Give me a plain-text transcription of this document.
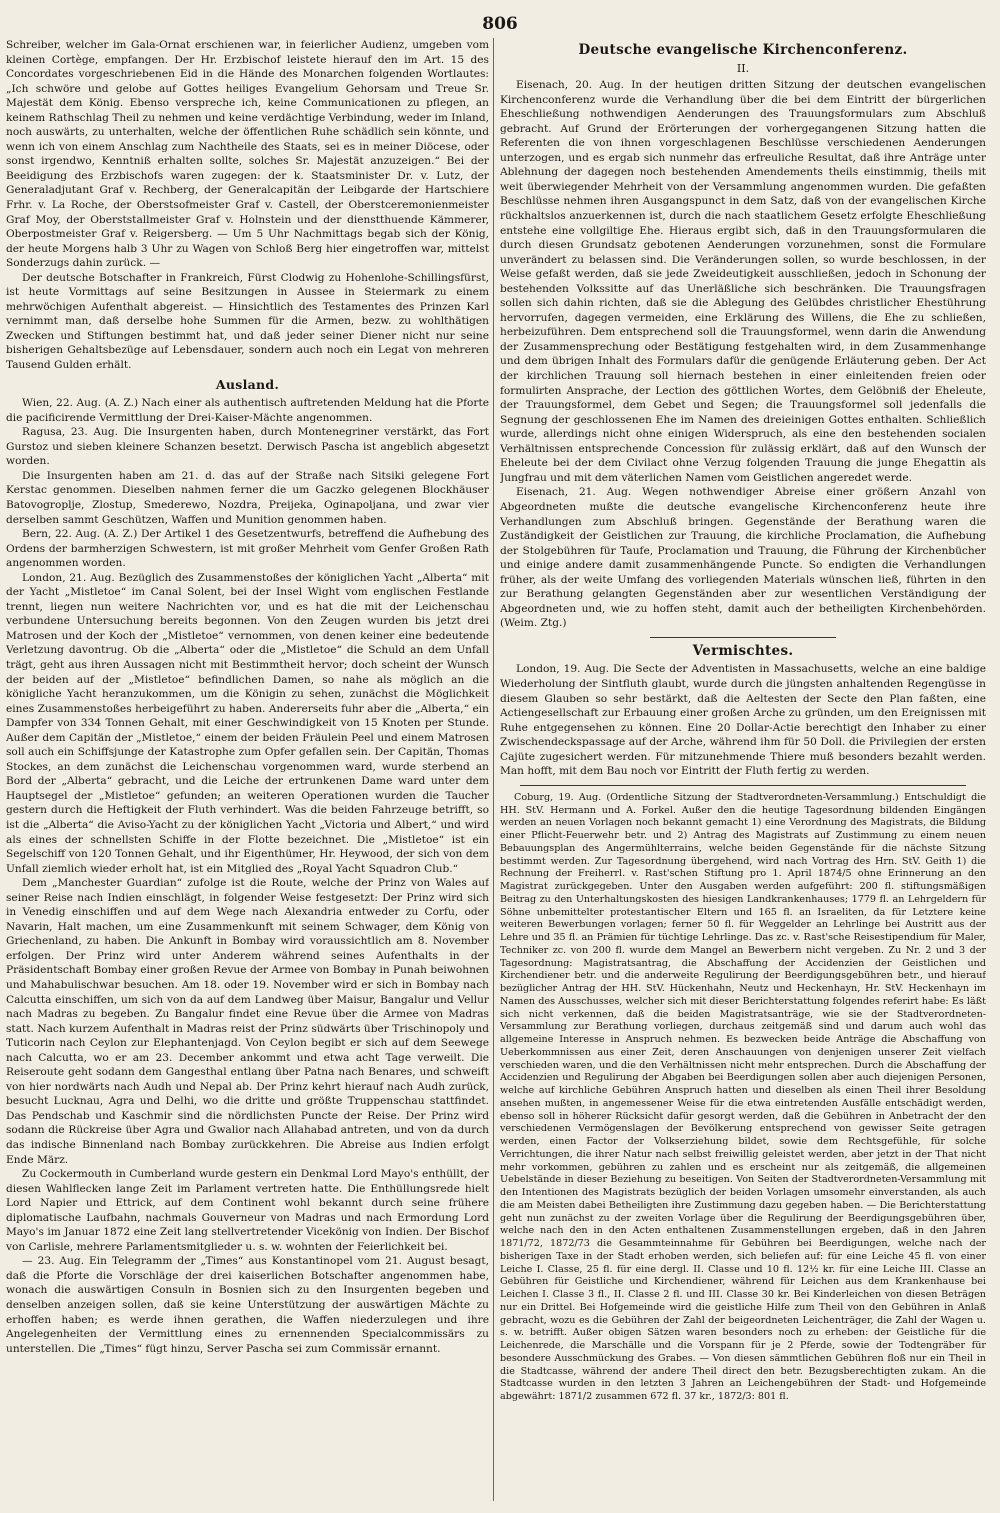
806

Schreiber, welcher im Gala-Ornat erschienen war, in feierlicher Audienz, umgeben vom kleinen Cortège, empfangen. Der Hr. Erzbischof leistete hierauf den im Art. 15 des Concordates vorgeschriebenen Eid in die Hände des Monarchen folgenden Wortlautes: „Ich schwöre und gelobe auf Gottes heiliges Evangelium Gehorsam und Treue Sr. Majestät dem König. Ebenso verspreche ich, keine Communicationen zu pflegen, an keinem Rathschlag Theil zu nehmen und keine verdächtige Verbindung, weder im Inland, noch auswärts, zu unterhalten, welche der öffentlichen Ruhe schädlich sein könnte, und wenn ich von einem Anschlag zum Nachtheile des Staats, sei es in meiner Diöcese, oder sonst irgendwo, Kenntniß erhalten sollte, solches Sr. Majestät anzuzeigen.“ Bei der Beeidigung des Erzbischofs waren zugegen: der k. Staatsminister Dr. v. Lutz, der Generaladjutant Graf v. Rechberg, der Generalcapitän der Leibgarde der Hartschiere Frhr. v. La Roche, der Oberstsofmeister Graf v. Castell, der Oberstceremonienmeister Graf Moy, der Oberststallmeister Graf v. Holnstein und der dienstthuende Kämmerer, Oberpostmeister Graf v. Reigersberg. — Um 5 Uhr Nachmittags begab sich der König, der heute Morgens halb 3 Uhr zu Wagen von Schloß Berg hier eingetroffen war, mittelst Sonderzugs dahin zurück. —

Der deutsche Botschafter in Frankreich, Fürst Clodwig zu Hohenlohe-Schillingsfürst, ist heute Vormittags auf seine Besitzungen in Aussee in Steiermark zu einem mehrwöchigen Aufenthalt abgereist. — Hinsichtlich des Testamentes des Prinzen Karl vernimmt man, daß derselbe hohe Summen für die Armen, bezw. zu wohlthätigen Zwecken und Stiftungen bestimmt hat, und daß jeder seiner Diener nicht nur seine bisherigen Gehaltsbezüge auf Lebensdauer, sondern auch noch ein Legat von mehreren Tausend Gulden erhält.

Ausland.

Wien, 22. Aug. (A. Z.) Nach einer als authentisch auftretenden Meldung hat die Pforte die pacificirende Vermittlung der Drei-Kaiser-Mächte angenommen.

Ragusa, 23. Aug. Die Insurgenten haben, durch Montenegriner verstärkt, das Fort Gurstoz und sieben kleinere Schanzen besetzt. Derwisch Pascha ist angeblich abgesetzt worden.

Die Insurgenten haben am 21. d. das auf der Straße nach Sitsiki gelegene Fort Kerstac genommen. Dieselben nahmen ferner die um Gaczko gelegenen Blockhäuser Batovogroplje, Zlostup, Smederewo, Nozdra, Preijeka, Oginapoljana, und zwar vier derselben sammt Geschützen, Waffen und Munition genommen haben.

Bern, 22. Aug. (A. Z.) Der Artikel 1 des Gesetzentwurfs, betreffend die Aufhebung des Ordens der barmherzigen Schwestern, ist mit großer Mehrheit vom Genfer Großen Rath angenommen worden.

London, 21. Aug. Bezüglich des Zusammenstoßes der königlichen Yacht „Alberta“ mit der Yacht „Mistletoe“ im Canal Solent, bei der Insel Wight vom englischen Festlande trennt, liegen nun weitere Nachrichten vor, und es hat die mit der Leichenschau verbundene Untersuchung bereits begonnen. Von den Zeugen wurden bis jetzt drei Matrosen und der Koch der „Mistletoe“ vernommen, von denen keiner eine bedeutende Verletzung davontrug. Ob die „Alberta“ oder die „Mistletoe“ die Schuld an dem Unfall trägt, geht aus ihren Aussagen nicht mit Bestimmtheit hervor; doch scheint der Wunsch der beiden auf der „Mistletoe“ befindlichen Damen, so nahe als möglich an die königliche Yacht heranzukommen, um die Königin zu sehen, zunächst die Möglichkeit eines Zusammenstoßes herbeigeführt zu haben. Andererseits fuhr aber die „Alberta,“ ein Dampfer von 334 Tonnen Gehalt, mit einer Geschwindigkeit von 15 Knoten per Stunde. Außer dem Capitän der „Mistletoe,“ einem der beiden Fräulein Peel und einem Matrosen soll auch ein Schiffsjunge der Katastrophe zum Opfer gefallen sein. Der Capitän, Thomas Stockes, an dem zunächst die Leichenschau vorgenommen ward, wurde sterbend an Bord der „Alberta“ gebracht, und die Leiche der ertrunkenen Dame ward unter dem Hauptsegel der „Mistletoe“ gefunden; an weiteren Operationen wurden die Taucher gestern durch die Heftigkeit der Fluth verhindert. Was die beiden Fahrzeuge betrifft, so ist die „Alberta“ die Aviso-Yacht zu der königlichen Yacht „Victoria und Albert,“ und wird als eines der schnellsten Schiffe in der Flotte bezeichnet. Die „Mistletoe“ ist ein Segelschiff von 120 Tonnen Gehalt, und ihr Eigenthümer, Hr. Heywood, der sich von dem Unfall ziemlich wieder erholt hat, ist ein Mitglied des „Royal Yacht Squadron Club.“

Dem „Manchester Guardian“ zufolge ist die Route, welche der Prinz von Wales auf seiner Reise nach Indien einschlägt, in folgender Weise festgesetzt: Der Prinz wird sich in Venedig einschiffen und auf dem Wege nach Alexandria entweder zu Corfu, oder Navarin, Halt machen, um eine Zusammenkunft mit seinem Schwager, dem König von Griechenland, zu haben. Die Ankunft in Bombay wird voraussichtlich am 8. November erfolgen. Der Prinz wird unter Anderem während seines Aufenthalts in der Präsidentschaft Bombay einer großen Revue der Armee von Bombay in Punah beiwohnen und Mahabulischwar besuchen. Am 18. oder 19. November wird er sich in Bombay nach Calcutta einschiffen, um sich von da auf dem Landweg über Maisur, Bangalur und Vellur nach Madras zu begeben. Zu Bangalur findet eine Revue über die Armee von Madras statt. Nach kurzem Aufenthalt in Madras reist der Prinz südwärts über Trischinopoly und Tuticorin nach Ceylon zur Elephantenjagd. Von Ceylon begibt er sich auf dem Seewege nach Calcutta, wo er am 23. December ankommt und etwa acht Tage verweilt. Die Reiseroute geht sodann dem Gangesthal entlang über Patna nach Benares, und schweift von hier nordwärts nach Audh und Nepal ab. Der Prinz kehrt hierauf nach Audh zurück, besucht Lucknau, Agra und Delhi, wo die dritte und größte Truppenschau stattfindet. Das Pendschab und Kaschmir sind die nördlichsten Puncte der Reise. Der Prinz wird sodann die Rückreise über Agra und Gwalior nach Allahabad antreten, und von da durch das indische Binnenland nach Bombay zurückkehren. Die Abreise aus Indien erfolgt Ende März.

Zu Cockermouth in Cumberland wurde gestern ein Denkmal Lord Mayo's enthüllt, der diesen Wahlflecken lange Zeit im Parlament vertreten hatte. Die Enthüllungsrede hielt Lord Napier und Ettrick, auf dem Continent wohl bekannt durch seine frühere diplomatische Laufbahn, nachmals Gouverneur von Madras und nach Ermordung Lord Mayo's im Januar 1872 eine Zeit lang stellvertretender Vicekönig von Indien. Der Bischof von Carlisle, mehrere Parlamentsmitglieder u. s. w. wohnten der Feierlichkeit bei.

— 23. Aug. Ein Telegramm der „Times“ aus Konstantinopel vom 21. August besagt, daß die Pforte die Vorschläge der drei kaiserlichen Botschafter angenommen habe, wonach die auswärtigen Consuln in Bosnien sich zu den Insurgenten begeben und denselben anzeigen sollen, daß sie keine Unterstützung der auswärtigen Mächte zu erhoffen haben; es werde ihnen gerathen, die Waffen niederzulegen und ihre Angelegenheiten der Vermittlung eines zu ernennenden Specialcommissärs zu unterstellen. Die „Times“ fügt hinzu, Server Pascha sei zum Commissär ernannt.

Deutsche evangelische Kirchenconferenz.
II.

Eisenach, 20. Aug. In der heutigen dritten Sitzung der deutschen evangelischen Kirchenconferenz wurde die Verhandlung über die bei dem Eintritt der bürgerlichen Eheschließung nothwendigen Aenderungen des Trauungsformulars zum Abschluß gebracht. Auf Grund der Erörterungen der vorhergegangenen Sitzung hatten die Referenten die von ihnen vorgeschlagenen Beschlüsse verschiedenen Aenderungen unterzogen, und es ergab sich nunmehr das erfreuliche Resultat, daß ihre Anträge unter Ablehnung der dagegen noch bestehenden Amendements theils einstimmig, theils mit weit überwiegender Mehrheit von der Versammlung angenommen wurden. Die gefaßten Beschlüsse nehmen ihren Ausgangspunct in dem Satz, daß von der evangelischen Kirche rückhaltslos anzuerkennen ist, durch die nach staatlichem Gesetz erfolgte Eheschließung entstehe eine vollgiltige Ehe. Hieraus ergibt sich, daß in den Trauungsformularen die durch diesen Grundsatz gebotenen Aenderungen vorzunehmen, sonst die Formulare unverändert zu belassen sind. Die Veränderungen sollen, so wurde beschlossen, in der Weise gefaßt werden, daß sie jede Zweideutigkeit ausschließen, jedoch in Schonung der bestehenden Volkssitte auf das Unerläßliche sich beschränken. Die Trauungsfragen sollen sich dahin richten, daß sie die Ablegung des Gelübdes christlicher Ehestührung hervorrufen, dagegen vermeiden, eine Erklärung des Willens, die Ehe zu schließen, herbeizuführen. Dem entsprechend soll die Trauungsformel, wenn darin die Anwendung der Zusammensprechung oder Bestätigung festgehalten wird, in dem Zusammenhange und dem übrigen Inhalt des Formulars dafür die genügende Erläuterung geben. Der Act der kirchlichen Trauung soll hiernach bestehen in einer einleitenden freien oder formulirten Ansprache, der Lection des göttlichen Wortes, dem Gelöbniß der Eheleute, der Trauungsformel, dem Gebet und Segen; die Trauungsformel soll jedenfalls die Segnung der geschlossenen Ehe im Namen des dreieinigen Gottes enthalten. Schließlich wurde, allerdings nicht ohne einigen Widerspruch, als eine den bestehenden socialen Verhältnissen entsprechende Concession für zulässig erklärt, daß auf den Wunsch der Eheleute bei der dem Civilact ohne Verzug folgenden Trauung die junge Ehegattin als Jungfrau und mit dem väterlichen Namen vom Geistlichen angeredet werde.

Eisenach, 21. Aug. Wegen nothwendiger Abreise einer größern Anzahl von Abgeordneten mußte die deutsche evangelische Kirchenconferenz heute ihre Verhandlungen zum Abschluß bringen. Gegenstände der Berathung waren die Zuständigkeit der Geistlichen zur Trauung, die kirchliche Proclamation, die Aufhebung der Stolgebühren für Taufe, Proclamation und Trauung, die Führung der Kirchenbücher und einige andere damit zusammenhängende Puncte. So endigten die Verhandlungen früher, als der weite Umfang des vorliegenden Materials wünschen ließ, führten in den zur Berathung gelangten Gegenständen aber zur wesentlichen Verständigung der Abgeordneten und, wie zu hoffen steht, damit auch der betheiligten Kirchenbehörden. (Weim. Ztg.)

Vermischtes.

London, 19. Aug. Die Secte der Adventisten in Massachusetts, welche an eine baldige Wiederholung der Sintfluth glaubt, wurde durch die jüngsten anhaltenden Regengüsse in diesem Glauben so sehr bestärkt, daß die Aeltesten der Secte den Plan faßten, eine Actiengesellschaft zur Erbauung einer großen Arche zu gründen, um den Ereignissen mit Ruhe entgegensehen zu können. Eine 20 Dollar-Actie berechtigt den Inhaber zu einer Zwischendeckspassage auf der Arche, während ihm für 50 Doll. die Privilegien der ersten Cajüte zugesichert werden. Für mitzunehmende Thiere muß besonders bezahlt werden. Man hofft, mit dem Bau noch vor Eintritt der Fluth fertig zu werden.

Coburg, 19. Aug. (Ordentliche Sitzung der Stadtverordneten-Versammlung.) Entschuldigt die HH. StV. Hermann und A. Forkel. Außer den die heutige Tagesordnung bildenden Eingängen werden an neuen Vorlagen noch bekannt gemacht 1) eine Verordnung des Magistrats, die Bildung einer Pflicht-Feuerwehr betr. und 2) Antrag des Magistrats auf Zustimmung zu einem neuen Bebauungsplan des Angermühlterrains, welche beiden Gegenstände für die nächste Sitzung bestimmt werden. Zur Tagesordnung übergehend, wird nach Vortrag des Hrn. StV. Geith 1) die Rechnung der Freiherrl. v. Rast'schen Stiftung pro 1. April 1874/5 ohne Erinnerung an den Magistrat zurückgegeben. Unter den Ausgaben werden aufgeführt: 200 fl. stiftungsmäßigen Beitrag zu den Unterhaltungskosten des hiesigen Landkrankenhauses; 1779 fl. an Lehrgeldern für Söhne unbemittelter protestantischer Eltern und 165 fl. an Israeliten, da für Letztere keine weiteren Bewerbungen vorlagen; ferner 50 fl. für Weggelder an Lehrlinge bei Austritt aus der Lehre und 35 fl. an Prämien für tüchtige Lehrlinge. Das zc. v. Rast'sche Reisestipendium für Maler, Techniker zc. von 200 fl. wurde dem Mangel an Bewerbern nicht vergeben. Zu Nr. 2 und 3 der Tagesordnung: Magistratsantrag, die Abschaffung der Accidenzien der Geistlichen und Kirchendiener betr. und die anderweite Regulirung der Beerdigungsgebühren betr., und hierauf bezüglicher Antrag der HH. StV. Hückenhahn, Neutz und Heckenhayn, Hr. StV. Heckenhayn im Namen des Ausschusses, welcher sich mit dieser Berichterstattung folgendes referirt habe: Es läßt sich nicht verkennen, daß die beiden Magistratsanträge, wie sie der Stadtverordneten-Versammlung zur Berathung vorliegen, durchaus zeitgemäß sind und darum auch wohl das allgemeine Interesse in Anspruch nehmen. Es bezwecken beide Anträge die Abschaffung von Ueberkommnissen aus einer Zeit, deren Anschauungen von denjenigen unserer Zeit vielfach verschieden waren, und die den Verhältnissen nicht mehr entsprechen. Durch die Abschaffung der Accidenzien und Regulirung der Abgaben bei Beerdigungen sollen aber auch diejenigen Personen, welche auf kirchliche Gebühren Anspruch hatten und dieselben als einen Theil ihrer Besoldung ansehen mußten, in angemessener Weise für die etwa eintretenden Ausfälle entschädigt werden, ebenso soll in höherer Rücksicht dafür gesorgt werden, daß die Gebühren in Anbetracht der den verschiedenen Vermögenslagen der Bevölkerung entsprechend von gewisser Seite getragen werden, einen Factor der Volkserziehung bildet, sowie dem Rechtsgefühle, für solche Verrichtungen, die ihrer Natur nach selbst freiwillig geleistet werden, aber jetzt in der That nicht mehr vorkommen, gebühren zu zahlen und es erscheint nur als zeitgemäß, die allgemeinen Uebelstände in dieser Beziehung zu beseitigen. Von Seiten der Stadtverordneten-Versammlung mit den Intentionen des Magistrats bezüglich der beiden Vorlagen umsomehr einverstanden, als auch die am Meisten dabei Betheiligten ihre Zustimmung dazu gegeben haben. — Die Berichterstattung geht nun zunächst zu der zweiten Vorlage über die Regulirung der Beerdigungsgebühren über, welche nach den in den Acten enthaltenen Zusammenstellungen ergeben, daß in den Jahren 1871/72, 1872/73 die Gesammteinnahme für Gebühren bei Beerdigungen, welche nach der bisherigen Taxe in der Stadt erhoben werden, sich beliefen auf: für eine Leiche 45 fl. von einer Leiche I. Classe, 25 fl. für eine dergl. II. Classe und 10 fl. 12½ kr. für eine Leiche III. Classe an Gebühren für Geistliche und Kirchendiener, während für Leichen aus dem Krankenhause bei Leichen I. Classe 3 fl., II. Classe 2 fl. und III. Classe 30 kr. Bei Kinderleichen von diesen Beträgen nur ein Drittel. Bei Hofgemeinde wird die geistliche Hilfe zum Theil von den Gebühren in Anlaß gebracht, wozu es die Gebühren der Zahl der beigeordneten Leichenträger, die Zahl der Wagen u. s. w. betrifft. Außer obigen Sätzen waren besonders noch zu erheben: der Geistliche für die Leichenrede, die Marschälle und die Vorspann für je 2 Pferde, sowie der Todtengräber für besondere Ausschmückung des Grabes. — Von diesen sämmtlichen Gebühren floß nur ein Theil in die Stadtcasse, während der andere Theil direct den betr. Bezugsberechtigten zukam. An die Stadtcasse wurden in den letzten 3 Jahren an Leichengebühren der Stadt- und Hofgemeinde abgewährt: 1871/2 zusammen 672 fl. 37 kr., 1872/3: 801 fl.
